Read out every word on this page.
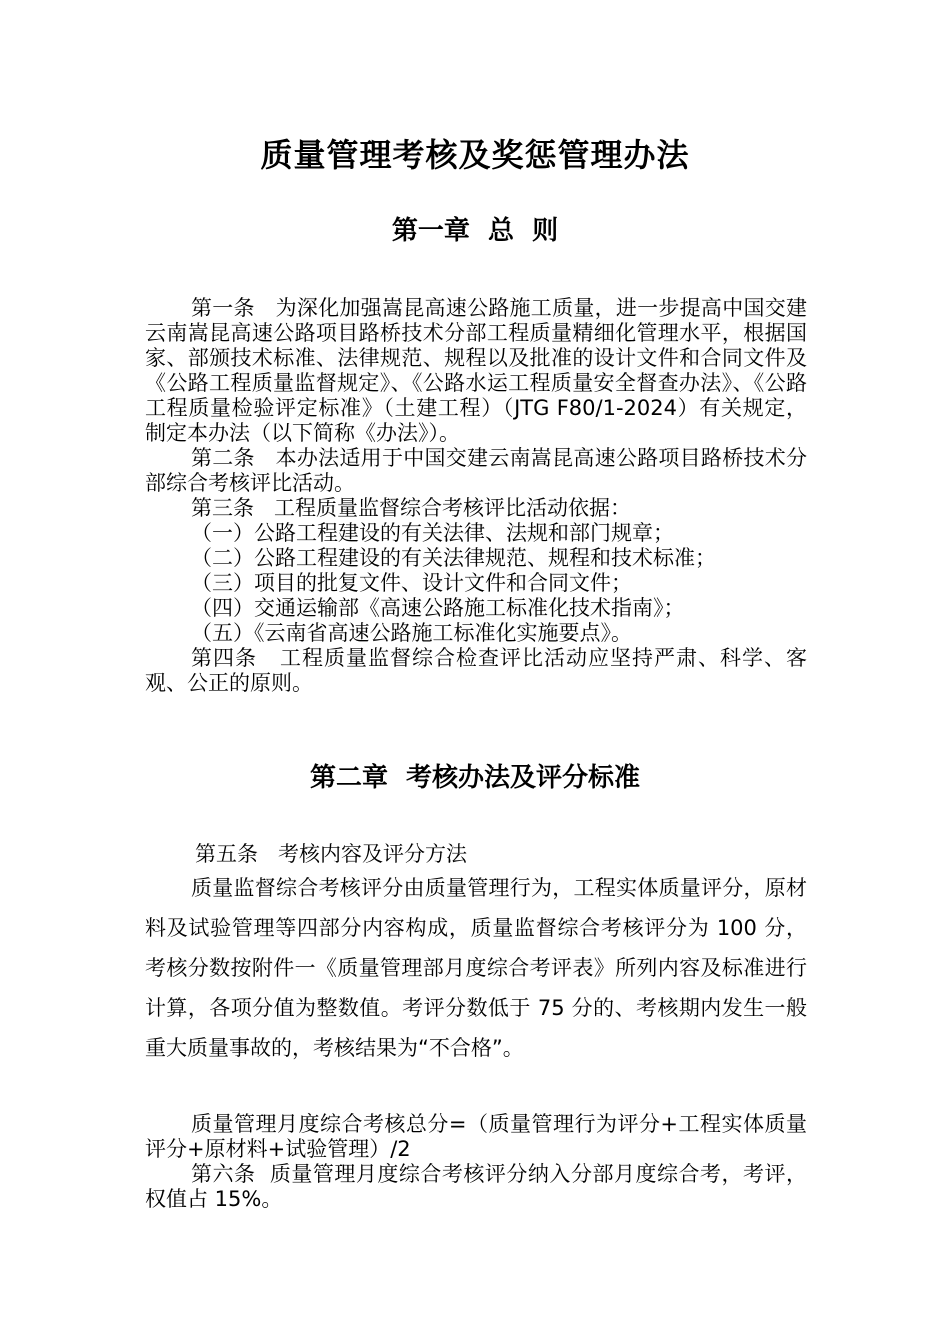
质量管理考核及奖惩管理办法
第一章  总  则

第一条   为深化加强嵩昆高速公路施工质量，进一步提高中国交建云南嵩昆高速公路项目路桥技术分部工程质量精细化管理水平，根据国家、部颁技术标准、法律规范、规程以及批准的设计文件和合同文件及《公路工程质量监督规定》、《公路水运工程质量安全督查办法》、《公路工程质量检验评定标准》（土建工程）（JTG F80/1-2024）有关规定，制定本办法（以下简称《办法》）。

第二条   本办法适用于中国交建云南嵩昆高速公路项目路桥技术分部综合考核评比活动。

第三条   工程质量监督综合考核评比活动依据：

（一）公路工程建设的有关法律、法规和部门规章；

（二）公路工程建设的有关法律规范、规程和技术标准；

（三）项目的批复文件、设计文件和合同文件；

（四）交通运输部《高速公路施工标准化技术指南》；

（五）《云南省高速公路施工标准化实施要点》。

第四条   工程质量监督综合检查评比活动应坚持严肃、科学、客观、公正的原则。

第二章  考核办法及评分标准

第五条   考核内容及评分方法

质量监督综合考核评分由质量管理行为，工程实体质量评分，原材料及试验管理等四部分内容构成，质量监督综合考核评分为 100 分，考核分数按附件一《质量管理部月度综合考评表》所列内容及标准进行计算，各项分值为整数值。考评分数低于 75 分的、考核期内发生一般重大质量事故的，考核结果为“不合格”。

质量管理月度综合考核总分=（质量管理行为评分+工程实体质量评分+原材料+试验管理）/2

第六条  质量管理月度综合考核评分纳入分部月度综合考，考评，权值占 15%。
